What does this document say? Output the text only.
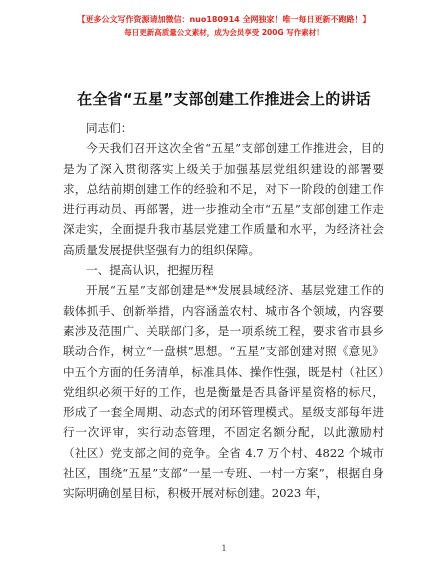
【更多公文写作资源请加微信：nuo180914 全网独家！唯一每日更新不跑路！】
每日更新高质量公文素材，成为会员享受 200G 写作素材！
在全省“五星”支部创建工作推进会上的讲话

同志们：

今天我们召开这次全省“五星”支部创建工作推进会，目的是为了深入贯彻落实上级关于加强基层党组织建设的部署要求，总结前期创建工作的经验和不足，对下一阶段的创建工作进行再动员、再部署，进一步推动全市“五星”支部创建工作走深走实，全面提升我市基层党建工作质量和水平，为经济社会高质量发展提供坚强有力的组织保障。

一、提高认识，把握历程

开展“五星”支部创建是**发展县域经济、基层党建工作的载体抓手、创新举措，内容涵盖农村、城市各个领域，内容要素涉及范围广、关联部门多，是一项系统工程，要求省市县乡联动合作，树立“一盘棋”思想。“五星”支部创建对照《意见》中五个方面的任务清单，标准具体、操作性强，既是村（社区）党组织必须干好的工作，也是衡量是否具备评星资格的标尺，形成了一套全周期、动态式的闭环管理模式。星级支部每年进行一次评审，实行动态管理，不固定名额分配，以此激励村（社区）党支部之间的竞争。全省 4.7 万个村、4822 个城市社区，围绕“五星”支部“一星一专班、一村一方案”，根据自身实际明确创星目标，积极开展对标创建。2023 年，

1
